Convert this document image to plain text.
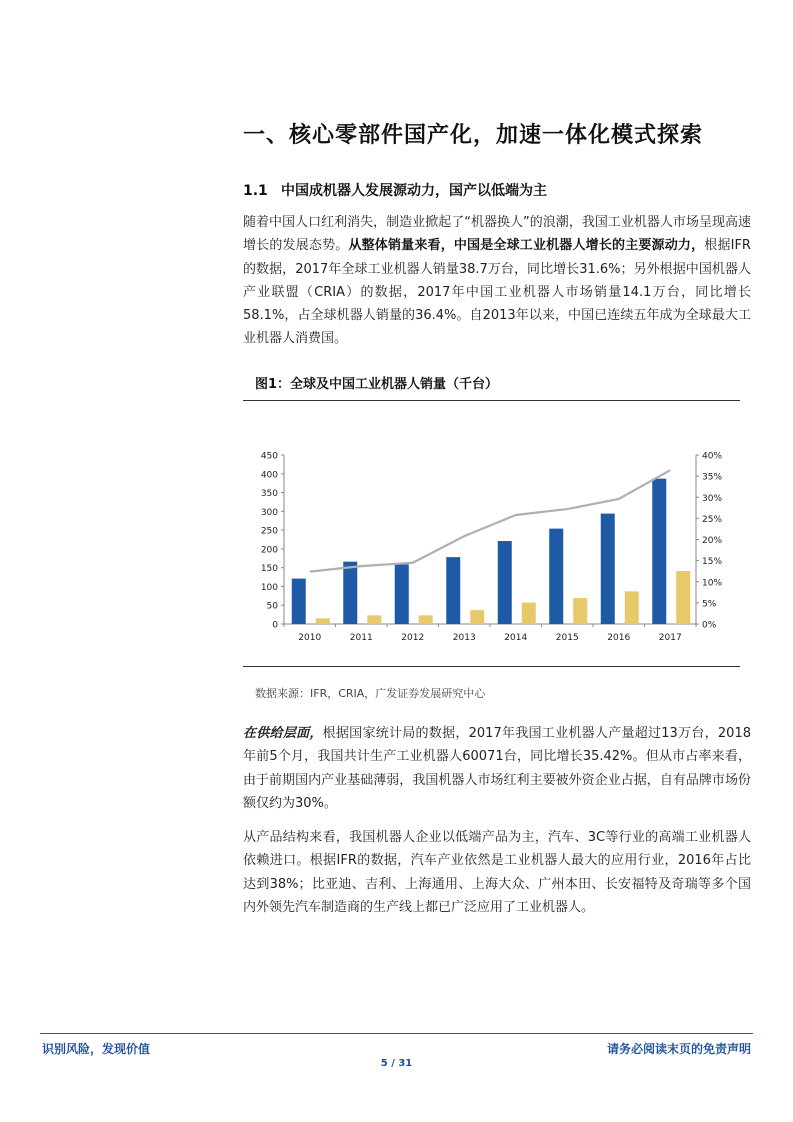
一、核心零部件国产化，加速一体化模式探索
1.1 中国成机器人发展源动力，国产以低端为主
随着中国人口红利消失，制造业掀起了“机器换人”的浪潮，我国工业机器人市场呈现高速增长的发展态势。从整体销量来看，中国是全球工业机器人增长的主要源动力，根据IFR的数据，2017年全球工业机器人销量38.7万台，同比增长31.6%；另外根据中国机器人产业联盟（CRIA）的数据，2017年中国工业机器人市场销量14.1万台，同比增长58.1%，占全球机器人销量的36.4%。自2013年以来，中国已连续五年成为全球最大工业机器人消费国。
图1：全球及中国工业机器人销量（千台）
0
50
100
150
200
250
300
350
400
450
0%
5%
10%
15%
20%
25%
30%
35%
40%
2010	2011	2012	2013	2014	2015	2016	2017
数据来源：IFR，CRIA，广发证券发展研究中心
在供给层面，根据国家统计局的数据，2017年我国工业机器人产量超过13万台，2018年前5个月，我国共计生产工业机器人60071台，同比增长35.42%。但从市占率来看，由于前期国内产业基础薄弱，我国机器人市场红利主要被外资企业占据，自有品牌市场份额仅约为30%。
从产品结构来看，我国机器人企业以低端产品为主，汽车、3C等行业的高端工业机器人依赖进口。根据IFR的数据，汽车产业依然是工业机器人最大的应用行业，2016年占比达到38%；比亚迪、吉利、上海通用、上海大众、广州本田、长安福特及奇瑞等多个国内外领先汽车制造商的生产线上都已广泛应用了工业机器人。
识别风险，发现价值	请务必阅读末页的免责声明
5 / 31
